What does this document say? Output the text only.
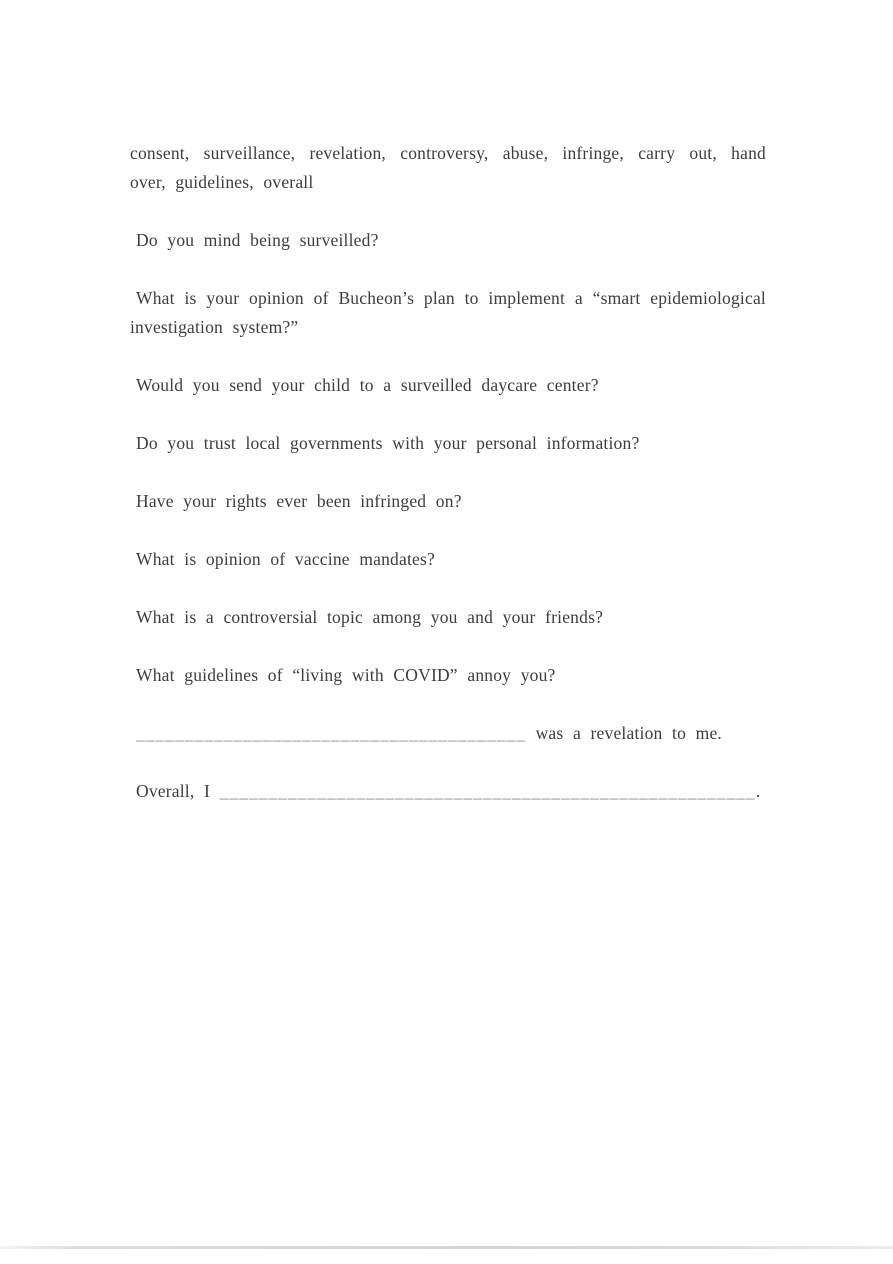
consent, surveillance, revelation, controversy, abuse, infringe, carry out, hand over, guidelines, overall

Do you mind being surveilled?

What is your opinion of Bucheon’s plan to implement a “smart epidemiological investigation system?”

Would you send your child to a surveilled daycare center?

Do you trust local governments with your personal information?

Have your rights ever been infringed on?

What is opinion of vaccine mandates?

What is a controversial topic among you and your friends?

What guidelines of “living with COVID” annoy you?

________________________________________ was a revelation to me.

Overall, I _______________________________________________________.
